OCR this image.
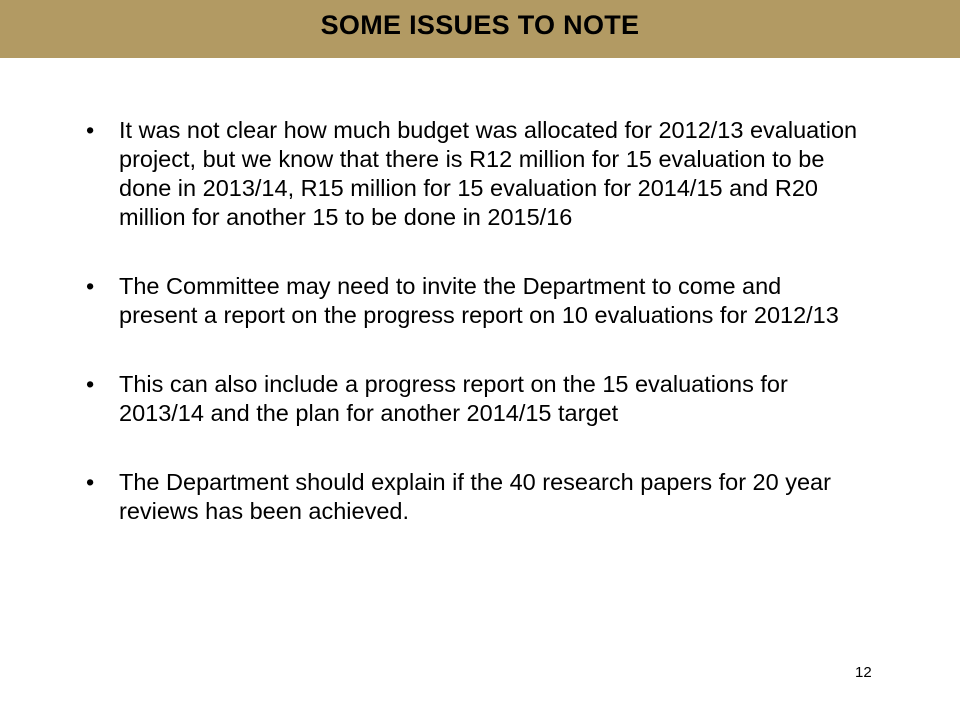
SOME ISSUES TO NOTE
• It was not clear how much budget was allocated for 2012/13 evaluation project, but we know that there is R12 million for 15 evaluation to be done in 2013/14, R15 million for 15 evaluation for 2014/15 and R20 million for another 15 to be done in 2015/16
• The Committee may need to invite the Department to come and present a report on the progress report on 10 evaluations for 2012/13
• This can also include a progress report on the 15 evaluations for 2013/14 and the plan for another 2014/15 target
• The Department should explain if the 40 research papers for 20 year reviews has been achieved.
12
